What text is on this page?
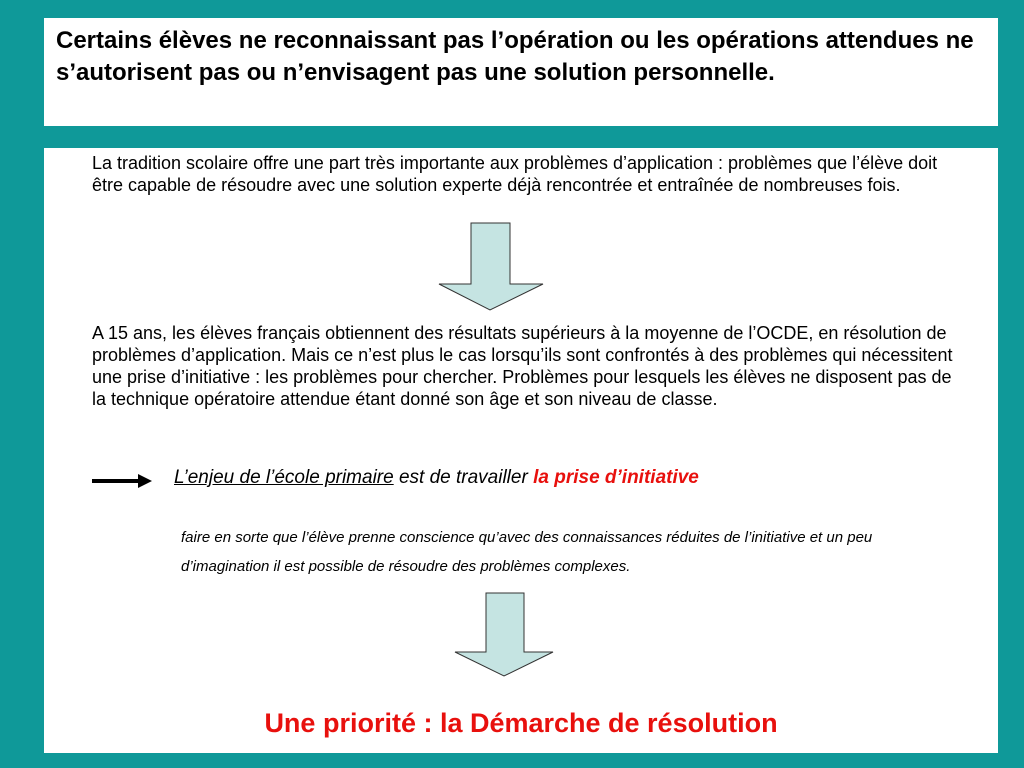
Certains élèves ne reconnaissant pas l’opération ou les opérations attendues ne s’autorisent pas ou n’envisagent pas une solution personnelle.

La tradition scolaire offre une part très importante aux problèmes d’application : problèmes que l’élève doit être capable de résoudre avec une solution experte déjà rencontrée et entraînée de nombreuses fois.

A 15 ans, les élèves français obtiennent des résultats supérieurs à la moyenne de l’OCDE, en résolution de problèmes d’application. Mais ce n’est plus le cas lorsqu’ils sont confrontés à des problèmes qui nécessitent une prise d’initiative : les problèmes pour chercher. Problèmes pour lesquels les élèves ne disposent pas de la technique opératoire attendue étant donné son âge et son niveau de classe.

L’enjeu de l’école primaire est de travailler la prise d’initiative

faire en sorte que l’élève prenne conscience qu’avec des connaissances réduites de l’initiative et un peu d’imagination il est possible de résoudre des problèmes complexes.

Une priorité : la Démarche de résolution
